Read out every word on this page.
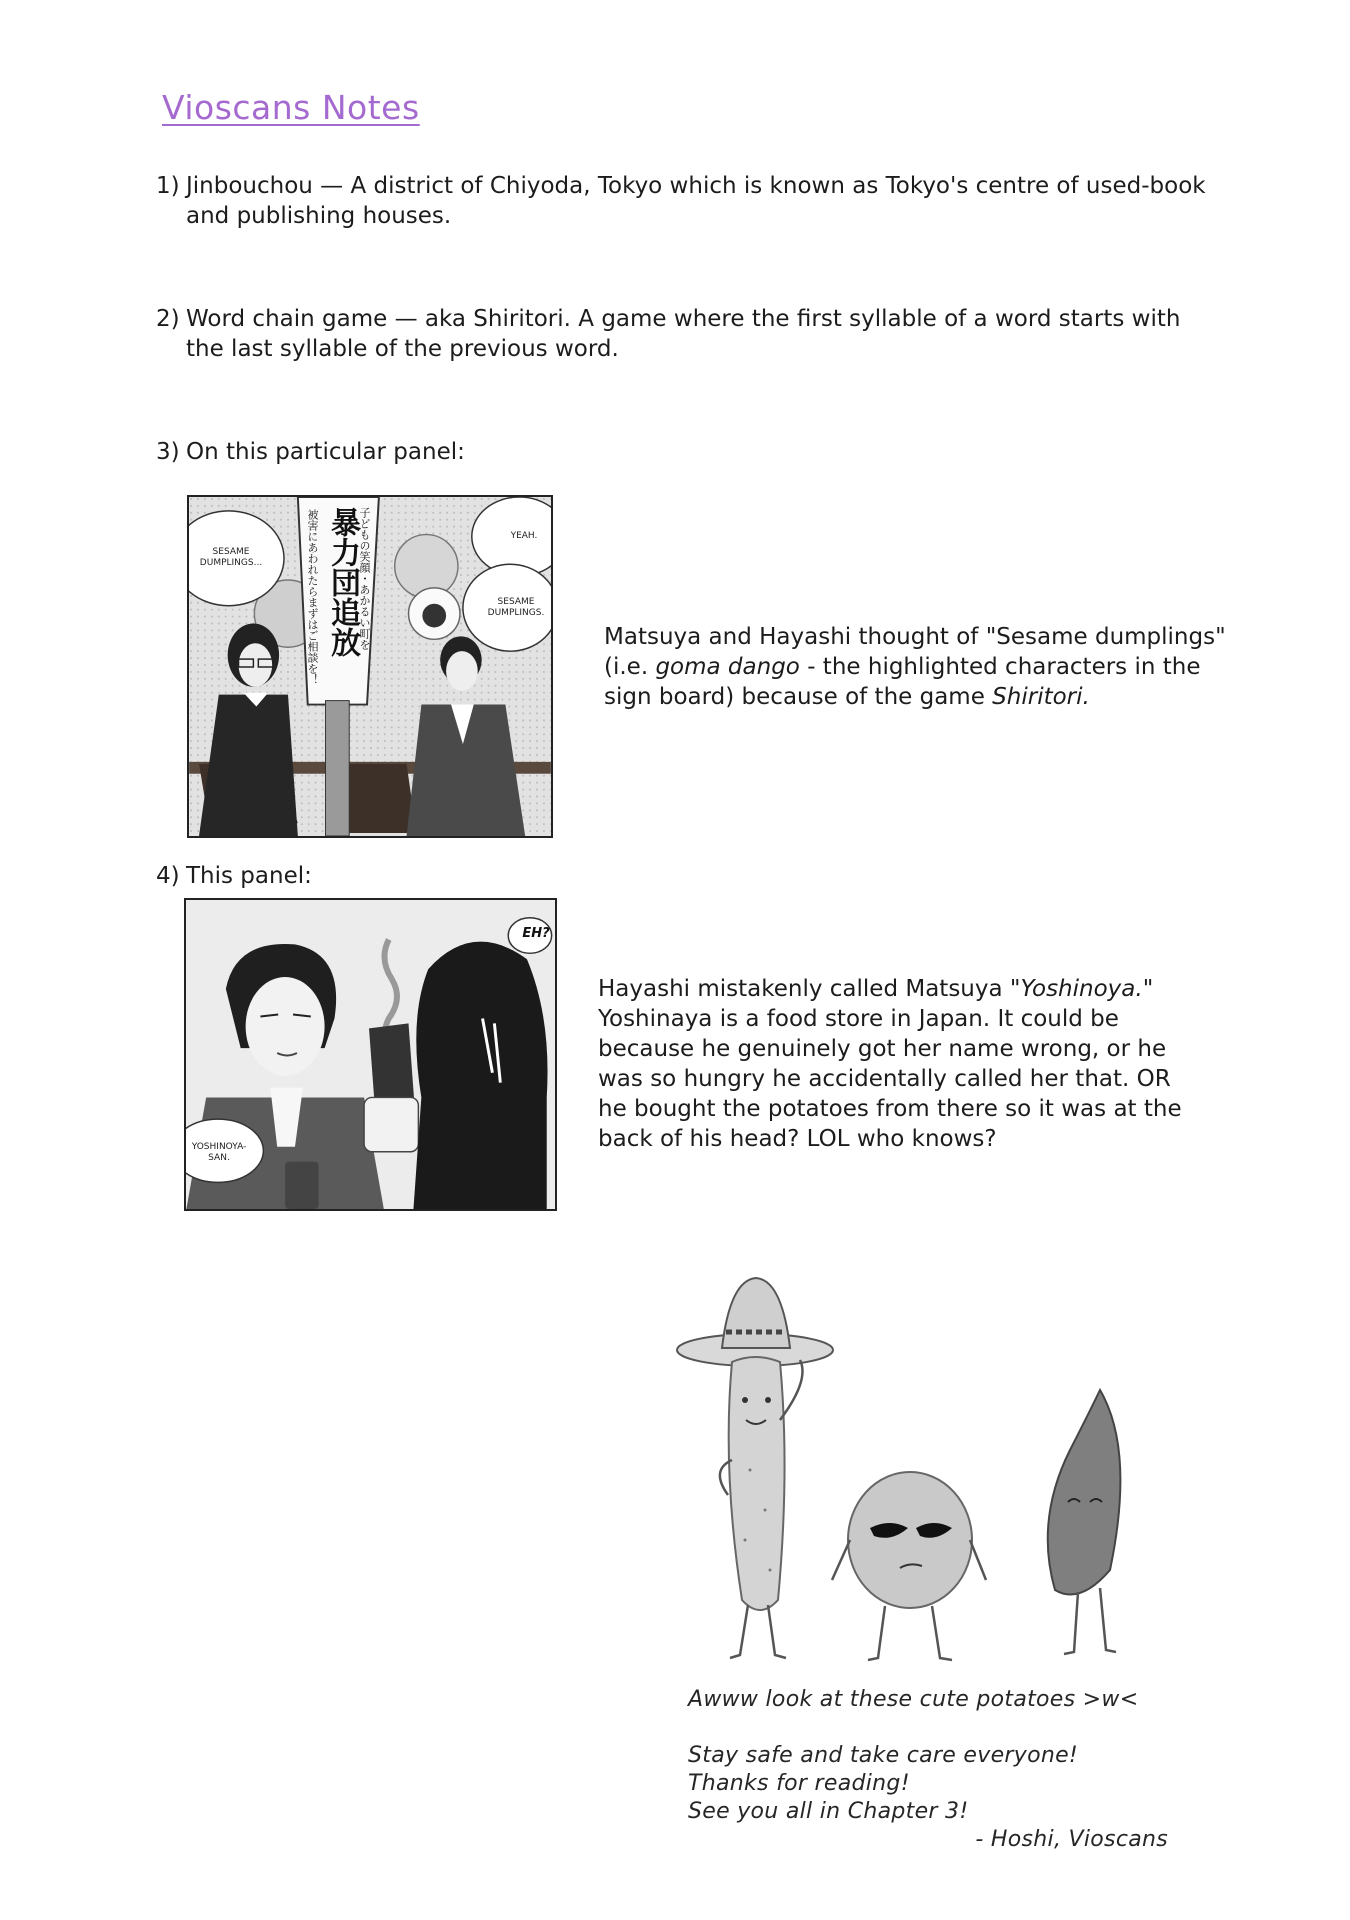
Vioscans Notes
1) Jinbouchou — A district of Chiyoda, Tokyo which is known as Tokyo's centre of used-book
and publishing houses.
2) Word chain game — aka Shiritori. A game where the first syllable of a word starts with
the last syllable of the previous word.
3) On this particular panel:
SESAME DUMPLINGS...
YEAH.
SESAME DUMPLINGS.
暴力団追放
子どもの笑顔・あかるい町を
被害にあわれたらまずはご相談を！	Matsuya and Hayashi thought of "Sesame dumplings"
(i.e. goma dango - the highlighted characters in the
sign board) because of the game Shiritori.
4) This panel:
EH?
YOSHINOYA-SAN.
Hayashi mistakenly called Matsuya "Yoshinoya."
Yoshinaya is a food store in Japan. It could be
because he genuinely got her name wrong, or he
was so hungry he accidentally called her that. OR
he bought the potatoes from there so it was at the
back of his head? LOL who knows?
Awww look at these cute potatoes >w<
Stay safe and take care everyone!
Thanks for reading!
See you all in Chapter 3!
- Hoshi, Vioscans
